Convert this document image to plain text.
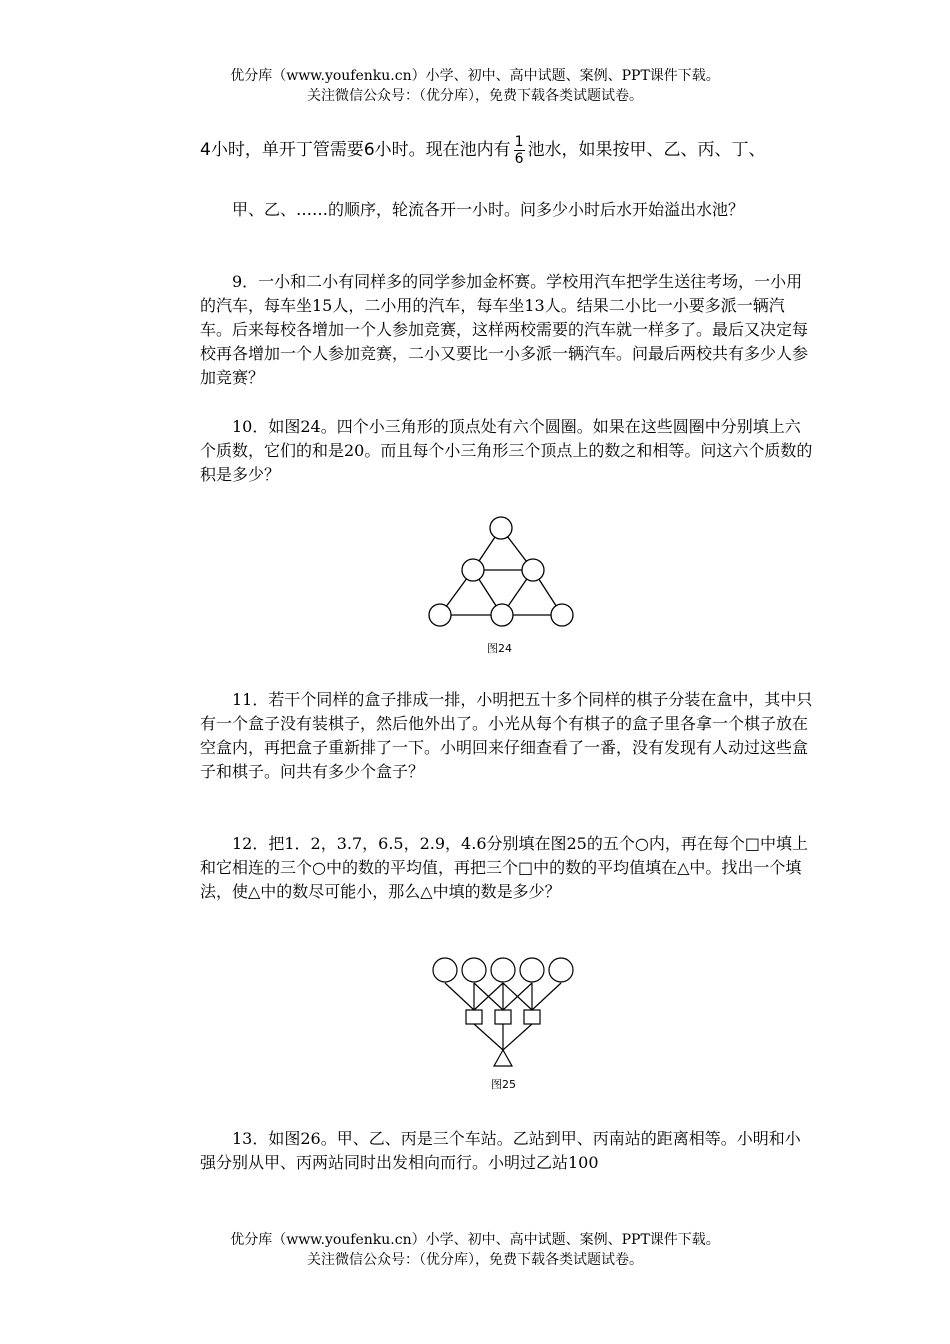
优分库（www.youfenku.cn）小学、初中、高中试题、案例、PPT课件下载。
关注微信公众号：（优分库），免费下载各类试题试卷。
4小时，单开丁管需要6小时。现在池内有 $\frac{1}{6}$ 池水，如果按甲、乙、丙、丁、

甲、乙、……的顺序，轮流各开一小时。问多少小时后水开始溢出水池？

9．一小和二小有同样多的同学参加金杯赛。学校用汽车把学生送往考场，一小用的汽车，每车坐15人，二小用的汽车，每车坐13人。结果二小比一小要多派一辆汽车。后来每校各增加一个人参加竞赛，这样两校需要的汽车就一样多了。最后又决定每校再各增加一个人参加竞赛，二小又要比一小多派一辆汽车。问最后两校共有多少人参加竞赛？

10．如图24。四个小三角形的顶点处有六个圆圈。如果在这些圆圈中分别填上六个质数，它们的和是20。而且每个小三角形三个顶点上的数之和相等。问这六个质数的积是多少？

图24

11．若干个同样的盒子排成一排，小明把五十多个同样的棋子分装在盒中，其中只有一个盒子没有装棋子，然后他外出了。小光从每个有棋子的盒子里各拿一个棋子放在空盒内，再把盒子重新排了一下。小明回来仔细查看了一番，没有发现有人动过这些盒子和棋子。问共有多少个盒子？

12．把1．2，3.7，6.5，2.9，4.6分别填在图25的五个○内，再在每个□中填上和它相连的三个○中的数的平均值，再把三个□中的数的平均值填在△中。找出一个填法，使△中的数尽可能小，那么△中填的数是多少？

图25

13．如图26。甲、乙、丙是三个车站。乙站到甲、丙南站的距离相等。小明和小强分别从甲、丙两站同时出发相向而行。小明过乙站100

优分库（www.youfenku.cn）小学、初中、高中试题、案例、PPT课件下载。
关注微信公众号：（优分库），免费下载各类试题试卷。
